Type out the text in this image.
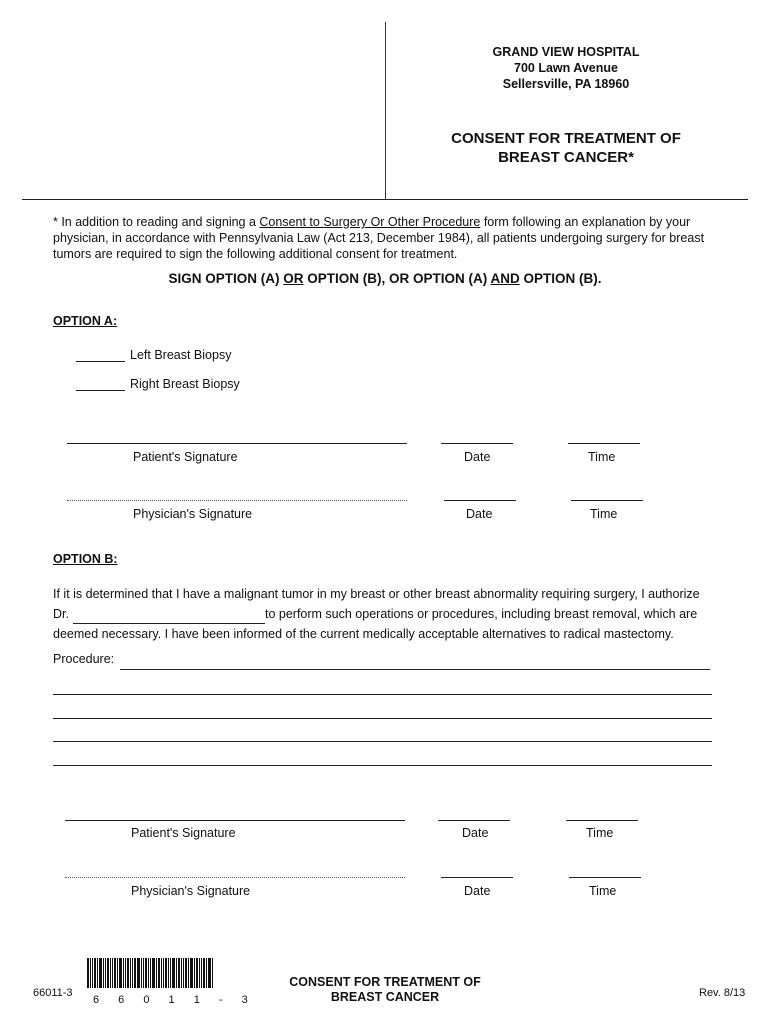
GRAND VIEW HOSPITAL
700 Lawn Avenue
Sellersville, PA 18960
CONSENT FOR TREATMENT OF
BREAST CANCER*
* In addition to reading and signing a Consent to Surgery Or Other Procedure form following an explanation by your physician, in accordance with Pennsylvania Law (Act 213, December 1984), all patients undergoing surgery for breast tumors are required to sign the following additional consent for treatment.
SIGN OPTION (A) OR OPTION (B), OR OPTION (A) AND OPTION (B).
OPTION A:
Left Breast Biopsy
Right Breast Biopsy
Patient's Signature	Date	Time
Physician's Signature	Date	Time
OPTION B:
If it is determined that I have a malignant tumor in my breast or other breast abnormality requiring surgery, I authorize
Dr.	to perform such operations or procedures, including breast removal, which are
deemed necessary. I have been informed of the current medically acceptable alternatives to radical mastectomy.
Procedure:
Patient's Signature	Date	Time
Physician's Signature	Date	Time
66011-3
6 6 0 1 1 - 3
CONSENT FOR TREATMENT OF
BREAST CANCER	Rev. 8/13
